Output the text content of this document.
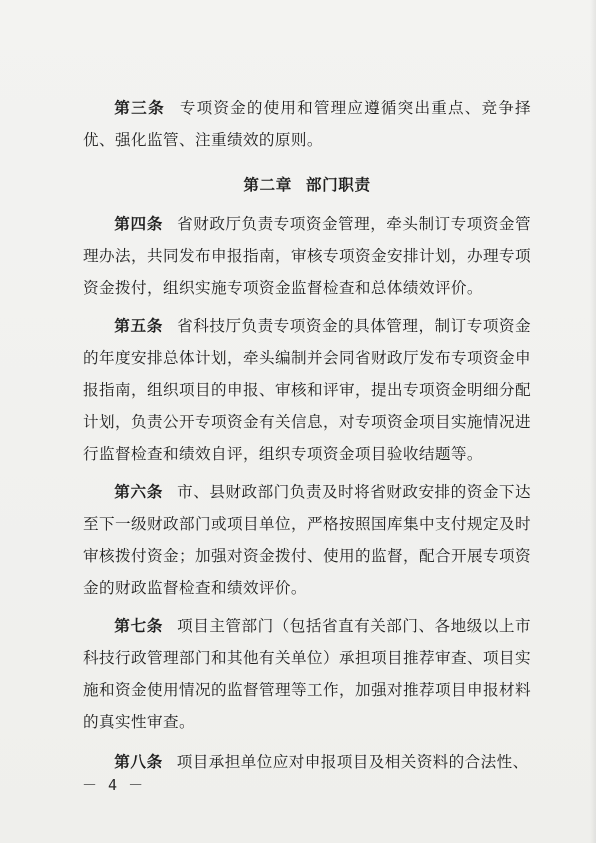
第三条 专项资金的使用和管理应遵循突出重点、竞争择优、强化监管、注重绩效的原则。

第二章 部门职责

第四条 省财政厅负责专项资金管理，牵头制订专项资金管理办法，共同发布申报指南，审核专项资金安排计划，办理专项资金拨付，组织实施专项资金监督检查和总体绩效评价。

第五条 省科技厅负责专项资金的具体管理，制订专项资金的年度安排总体计划，牵头编制并会同省财政厅发布专项资金申报指南，组织项目的申报、审核和评审，提出专项资金明细分配计划，负责公开专项资金有关信息，对专项资金项目实施情况进行监督检查和绩效自评，组织专项资金项目验收结题等。

第六条 市、县财政部门负责及时将省财政安排的资金下达至下一级财政部门或项目单位，严格按照国库集中支付规定及时审核拨付资金；加强对资金拨付、使用的监督，配合开展专项资金的财政监督检查和绩效评价。

第七条 项目主管部门（包括省直有关部门、各地级以上市科技行政管理部门和其他有关单位）承担项目推荐审查、项目实施和资金使用情况的监督管理等工作，加强对推荐项目申报材料的真实性审查。

第八条 项目承担单位应对申报项目及相关资料的合法性、

－ 4 －
